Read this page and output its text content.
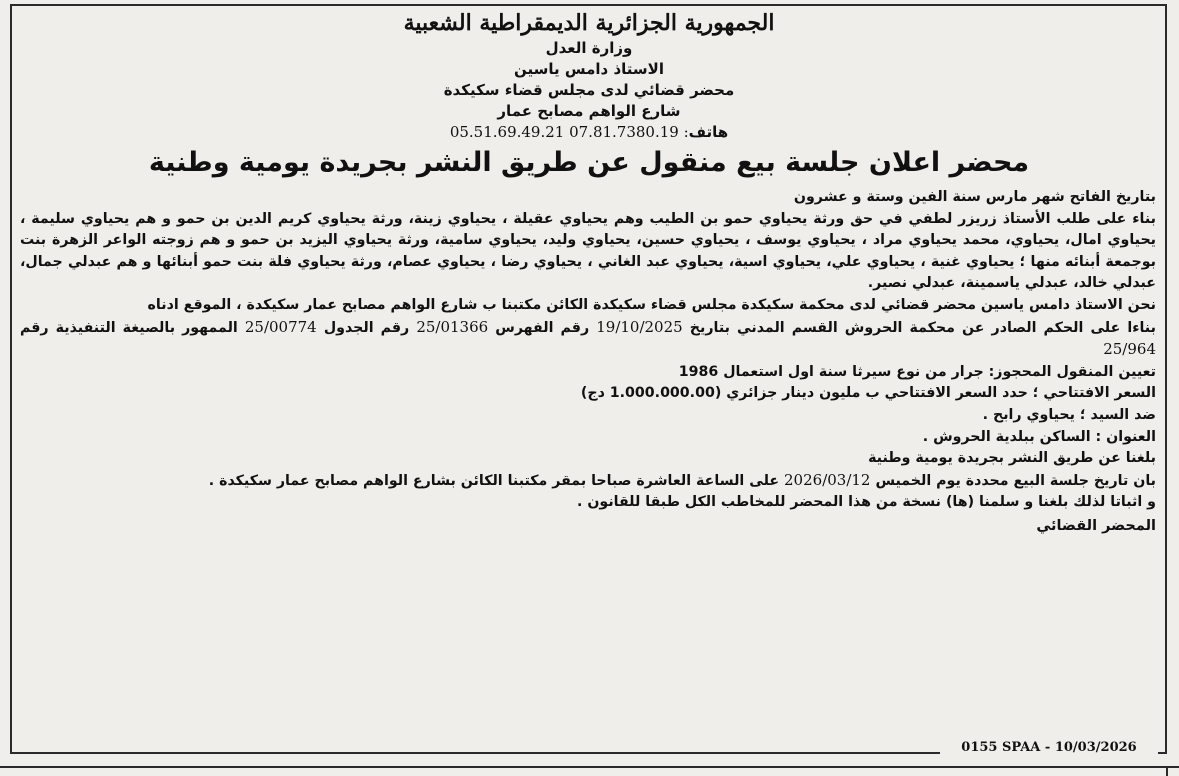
الجمهورية الجزائرية الديمقراطية الشعبية
وزارة العدل
الاستاذ دامس ياسين
محضر قضائي لدى مجلس قضاء سكيكدة
شارع الواهم مصابح عمار
هاتف05.51.69.49.21 07.81.7380.19 :
محضر اعلان جلسة بيع منقول عن طريق النشر بجريدة يومية وطنية

بتاريخ الفاتح شهر مارس سنة الفين وستة و عشرون

بناء على طلب الأستاذ زريزر لطفي في حق ورثة يحياوي حمو بن الطيب وهم يحياوي عقيلة ، يحياوي زينة، ورثة يحياوي كريم الدين بن حمو و هم يحياوي سليمة ، يحياوي امال، يحياوي، محمد يحياوي مراد ، يحياوي يوسف ، يحياوي حسين، يحياوي وليد، يحياوي سامية، ورثة يحياوي اليزيد بن حمو و هم زوجته الواعر الزهرة بنت بوجمعة أبنائه منها ؛ يحياوي غنية ، يحياوي علي، يحياوي اسية، يحياوي عبد الغاني ، يحياوي رضا ، يحياوي عصام، ورثة يحياوي فلة بنت حمو أبنائها و هم عبدلي جمال، عبدلي خالد، عبدلي ياسمينة، عبدلي نصير.

نحن الاستاذ دامس ياسين محضر قضائي لدى محكمة سكيكدة مجلس قضاء سكيكدة الكائن مكتبنا ب شارع الواهم مصابح عمار سكيكدة ، الموقع ادناه

بناءا على الحكم الصادر عن محكمة الحروش القسم المدني بتاريخ 19/10/2025 رقم الفهرس 25/01366 رقم الجدول 25/00774 الممهور بالصيغة التنفيذية رقم 25/964

تعيين المنقول المحجوز: جرار من نوع سيرثا سنة اول استعمال 1986

السعر الافتتاحي ؛ حدد السعر الافتتاحي ب مليون دينار جزائري (1.000.000.00 دج)

ضد السيد ؛ يحياوي رابح .

العنوان : الساكن ببلدية الحروش .

بلغنا عن طريق النشر بجريدة يومية وطنية

بان تاريخ جلسة البيع محددة يوم الخميس 2026/03/12 على الساعة العاشرة صباحا بمقر مكتبنا الكائن بشارع الواهم مصابح عمار سكيكدة .

و اثباتا لذلك بلغنا و سلمنا (ها) نسخة من هذا المحضر للمخاطب الكل طبقا للقانون .

المحضر القضائي
0155 SPAA - 10/03/2026
